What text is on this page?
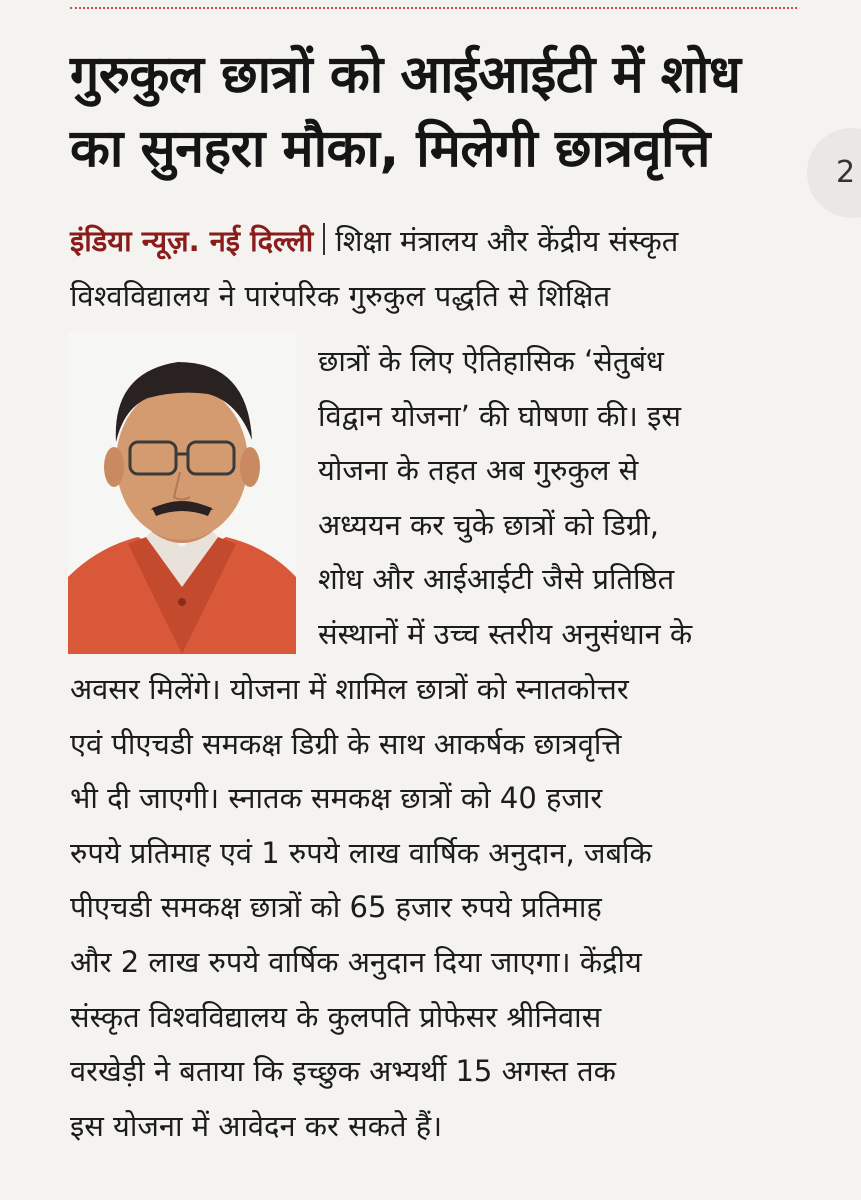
गुरुकुल छात्रों को आईआईटी में शोध
का सुनहरा मौका, मिलेगी छात्रवृत्ति	2
इंडिया न्यूज़. नई दिल्ली शिक्षा मंत्रालय और केंद्रीय संस्कृत
विश्वविद्यालय ने पारंपरिक गुरुकुल पद्धति से शिक्षित
छात्रों के लिए ऐतिहासिक ‘सेतुबंध
विद्वान योजना’ की घोषणा की। इस
योजना के तहत अब गुरुकुल से
अध्ययन कर चुके छात्रों को डिग्री,
शोध और आईआईटी जैसे प्रतिष्ठित
संस्थानों में उच्च स्तरीय अनुसंधान के
अवसर मिलेंगे। योजना में शामिल छात्रों को स्नातकोत्तर
एवं पीएचडी समकक्ष डिग्री के साथ आकर्षक छात्रवृत्ति
भी दी जाएगी। स्नातक समकक्ष छात्रों को 40 हजार
रुपये प्रतिमाह एवं 1 रुपये लाख वार्षिक अनुदान, जबकि
पीएचडी समकक्ष छात्रों को 65 हजार रुपये प्रतिमाह
और 2 लाख रुपये वार्षिक अनुदान दिया जाएगा। केंद्रीय
संस्कृत विश्वविद्यालय के कुलपति प्रोफेसर श्रीनिवास
वरखेड़ी ने बताया कि इच्छुक अभ्यर्थी 15 अगस्त तक
इस योजना में आवेदन कर सकते हैं।
